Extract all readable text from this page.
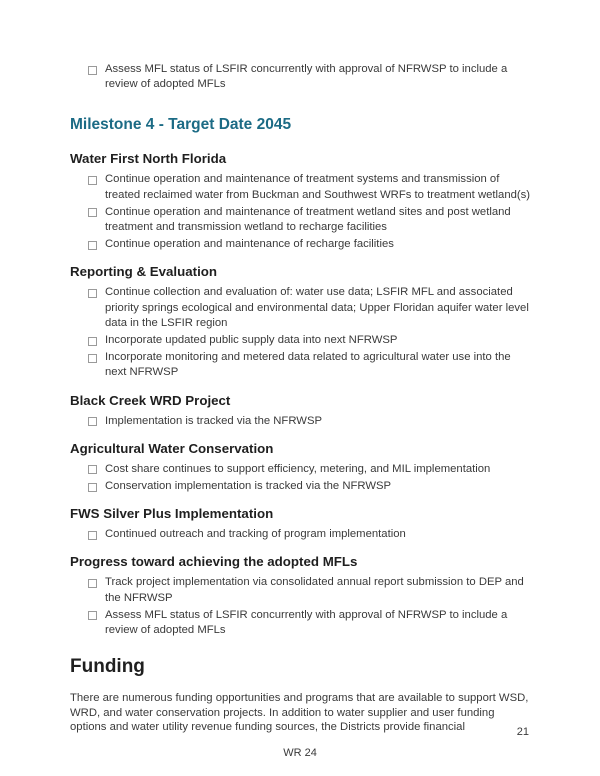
Assess MFL status of LSFIR concurrently with approval of NFRWSP to include a review of adopted MFLs
Milestone 4 - Target Date 2045
Water First North Florida
Continue operation and maintenance of treatment systems and transmission of treated reclaimed water from Buckman and Southwest WRFs to treatment wetland(s)
Continue operation and maintenance of treatment wetland sites and post wetland treatment and transmission wetland to recharge facilities
Continue operation and maintenance of recharge facilities
Reporting & Evaluation
Continue collection and evaluation of: water use data; LSFIR MFL and associated priority springs ecological and environmental data; Upper Floridan aquifer water level data in the LSFIR region
Incorporate updated public supply data into next NFRWSP
Incorporate monitoring and metered data related to agricultural water use into the next NFRWSP
Black Creek WRD Project
Implementation is tracked via the NFRWSP
Agricultural Water Conservation
Cost share continues to support efficiency, metering, and MIL implementation
Conservation implementation is tracked via the NFRWSP
FWS Silver Plus Implementation
Continued outreach and tracking of program implementation
Progress toward achieving the adopted MFLs
Track project implementation via consolidated annual report submission to DEP and the NFRWSP
Assess MFL status of LSFIR concurrently with approval of NFRWSP to include a review of adopted MFLs
Funding

There are numerous funding opportunities and programs that are available to support WSD, WRD, and water conservation projects. In addition to water supplier and user funding options and water utility revenue funding sources, the Districts provide financial	21
WR 24
